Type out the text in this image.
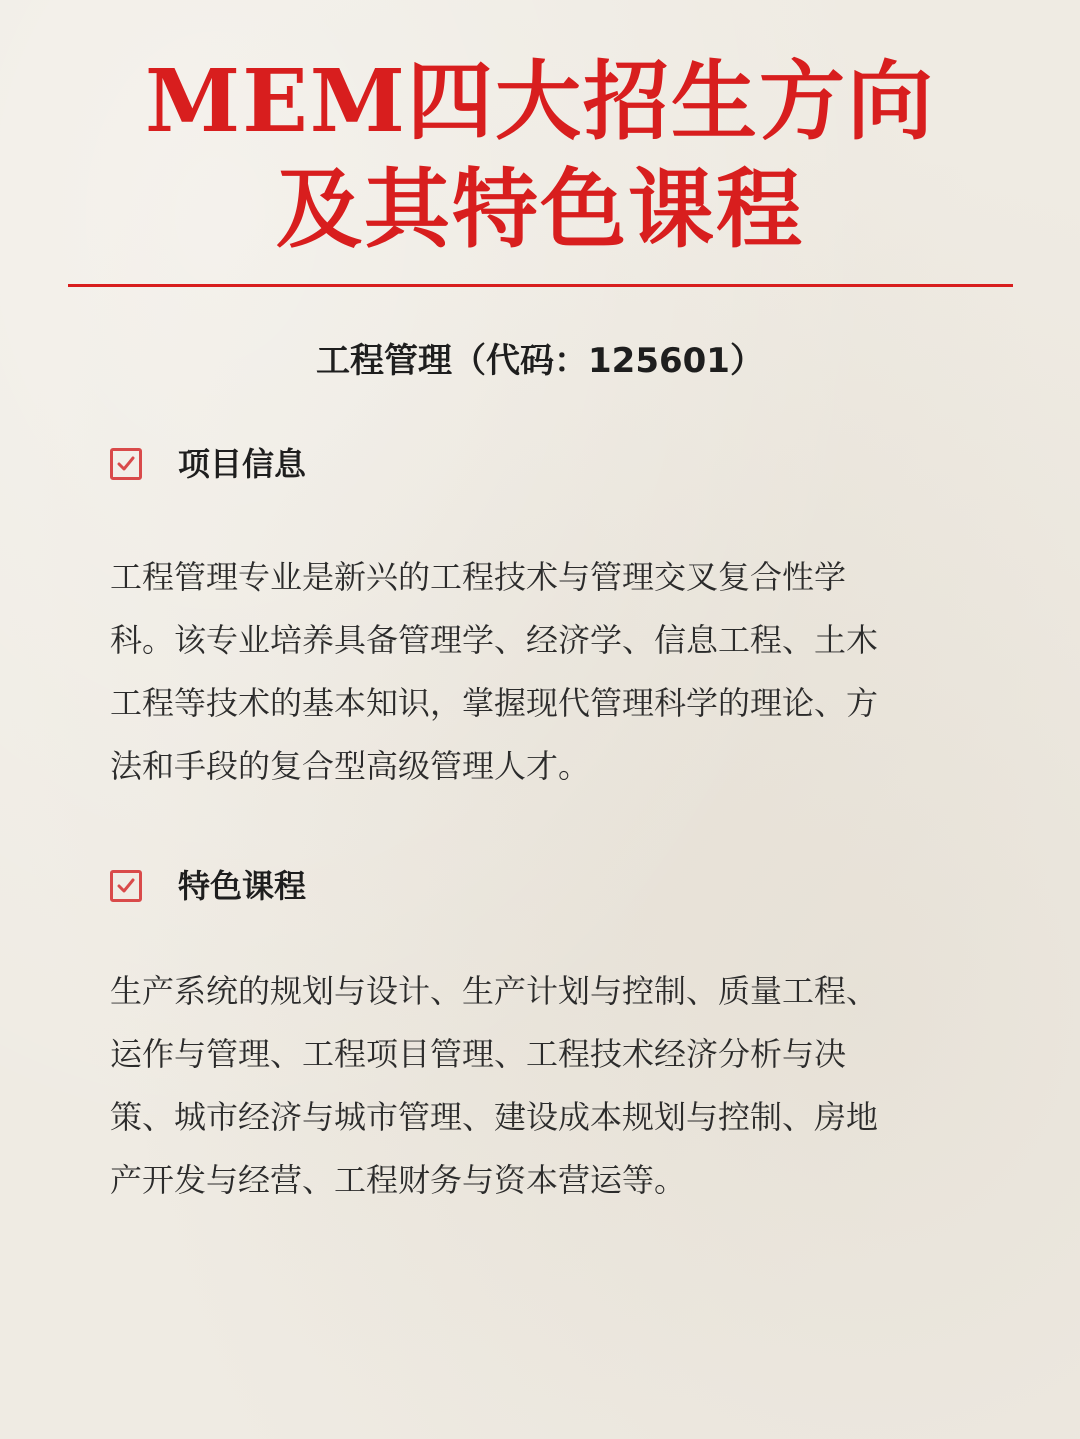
MEM四大招生方向
及其特色课程
工程管理（代码：125601）
项目信息
工程管理专业是新兴的工程技术与管理交叉复合性学
科。该专业培养具备管理学、经济学、信息工程、土木
工程等技术的基本知识，掌握现代管理科学的理论、方
法和手段的复合型高级管理人才。
特色课程
生产系统的规划与设计、生产计划与控制、质量工程、
运作与管理、工程项目管理、工程技术经济分析与决
策、城市经济与城市管理、建设成本规划与控制、房地
产开发与经营、工程财务与资本营运等。
